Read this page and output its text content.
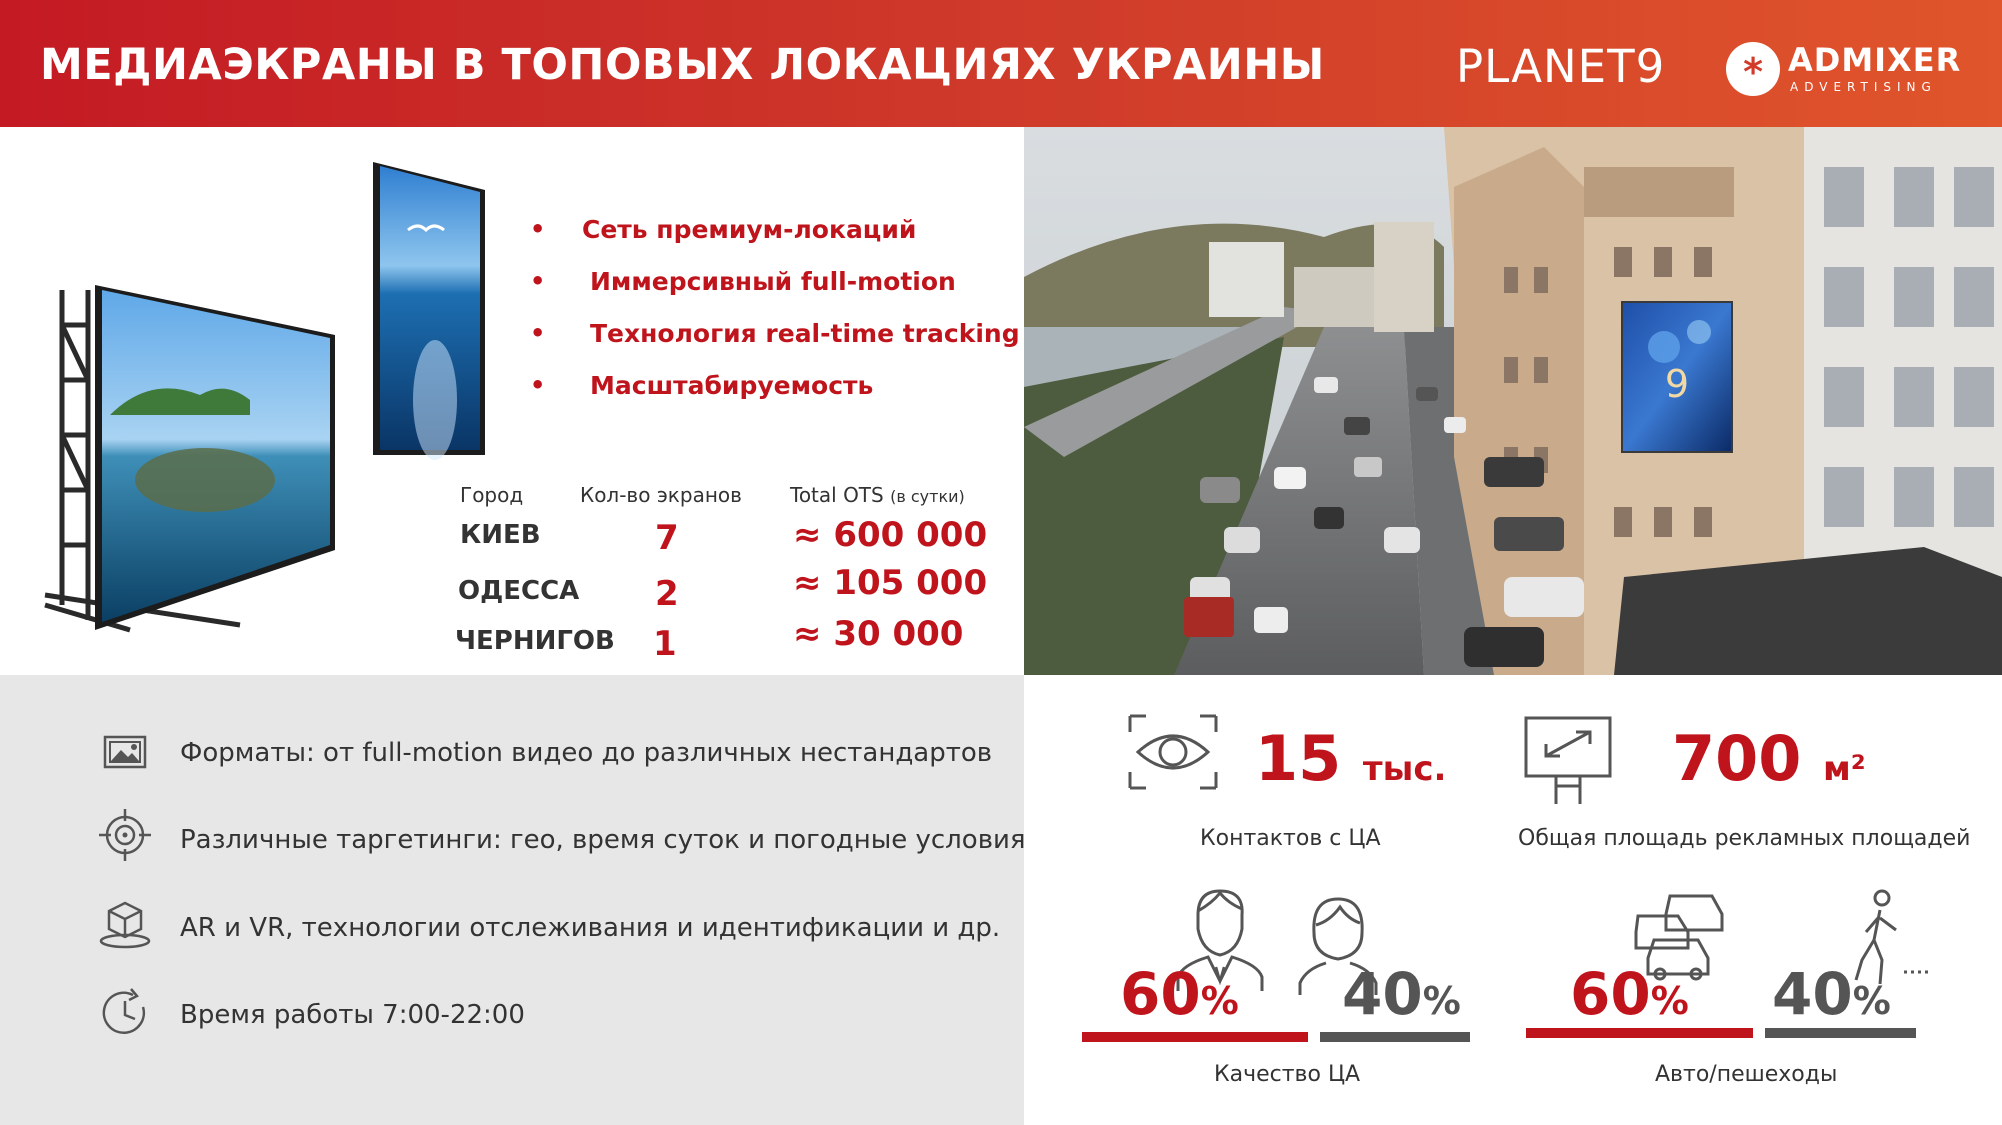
МЕДИАЭКРАНЫ В ТОПОВЫХ ЛОКАЦИЯХ УКРАИНЫ	PLANET9	* ADMIXER
ADVERTISING
• Сеть премиум-локаций
• Иммерсивный full-motion
• Технология real-time tracking
• Масштабируемость
Город	Кол-во экранов Total OTS (в сутки)
КИЕВ	7	≈ 600 000
ОДЕССА 2	≈ 105 000
ЧЕРНИГОВ 1	≈ 30 000
9
Форматы: от full-motion видео до различных нестандартов
Различные таргетинги: гео, время суток и погодные условия
AR и VR, технологии отслеживания и идентификации и др.
Время работы 7:00-22:00
15 тыс.
Контактов с ЦА
700 м²
Общая площадь рекламных площадей
60% 40%
Качество ЦА
60% 40%
Авто/пешеходы
